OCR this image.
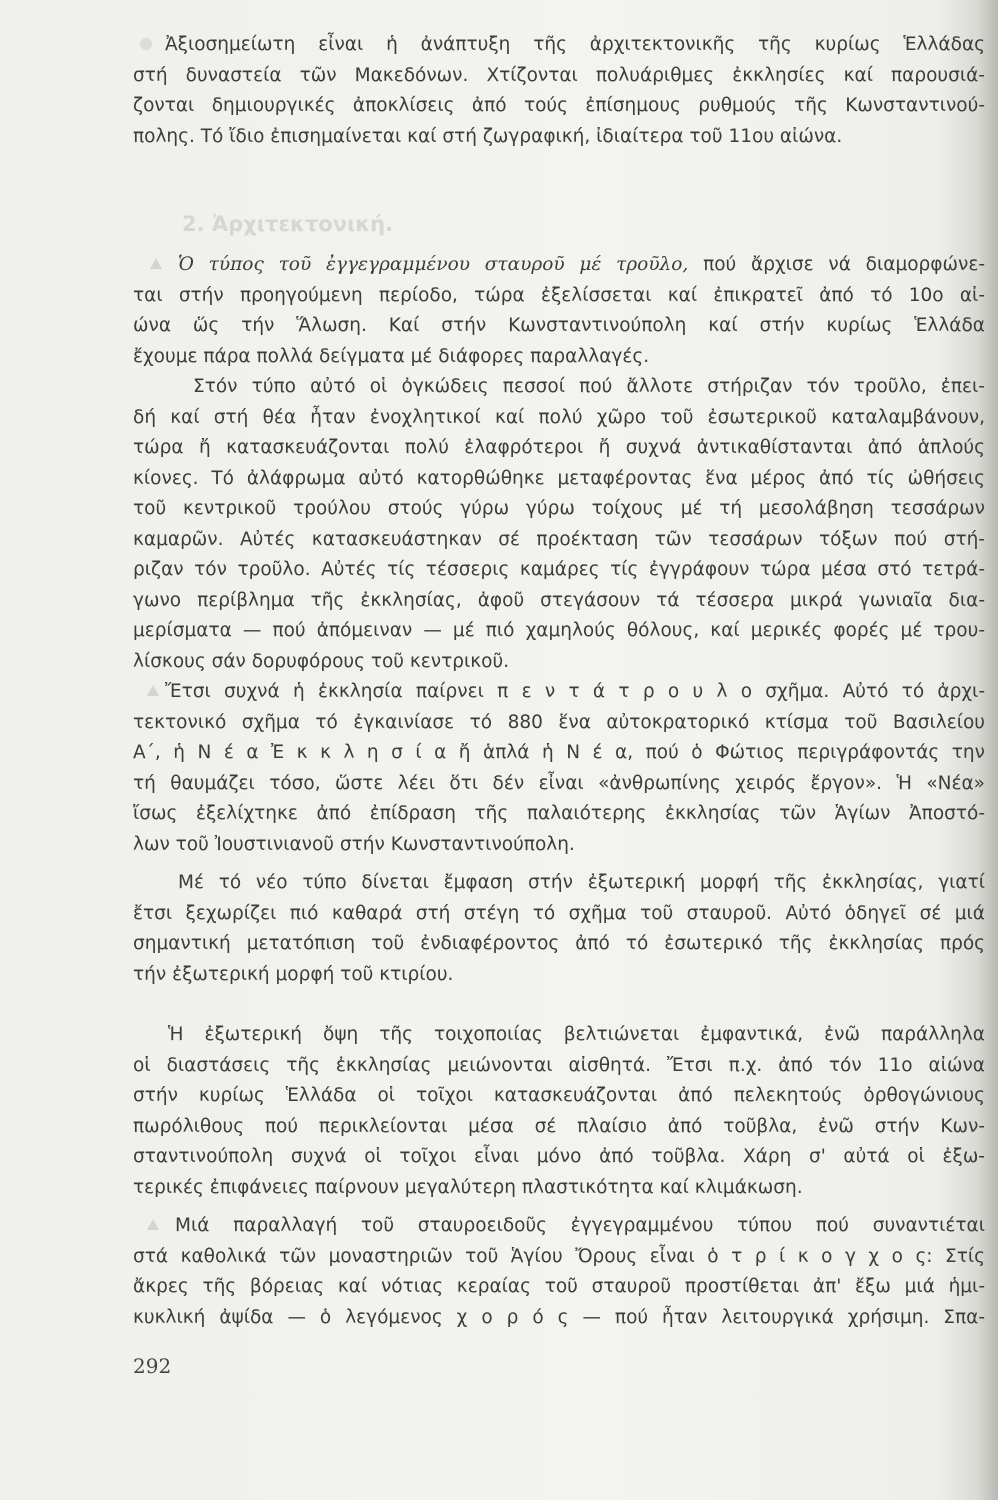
2. Ἀρχιτεκτονική.
Ἀξιοσημείωτη εἶναι ἡ ἀνάπτυξη τῆς ἀρχιτεκτονικῆς τῆς κυρίως Ἑλλάδας
στή δυναστεία τῶν Μακεδόνων. Χτίζονται πολυάριθμες ἐκκλησίες καί παρουσιά-
ζονται δημιουργικές ἀποκλίσεις ἀπό τούς ἐπίσημους ρυθμούς τῆς Κωνσταντινού-
πολης. Τό ἴδιο ἐπισημαίνεται καί στή ζωγραφική, ἰδιαίτερα τοῦ 11ου αἰώνα.
Ὁ τύπος τοῦ ἐγγεγραμμένου σταυροῦ μέ τροῦλο, πού ἄρχισε νά διαμορφώνε-
ται στήν προηγούμενη περίοδο, τώρα ἐξελίσσεται καί ἐπικρατεῖ ἀπό τό 10ο αἰ-
ώνα ὥς τήν Ἅλωση. Καί στήν Κωνσταντινούπολη καί στήν κυρίως Ἑλλάδα
ἔχουμε πάρα πολλά δείγματα μέ διάφορες παραλλαγές.
Στόν τύπο αὐτό οἱ ὀγκώδεις πεσσοί πού ἄλλοτε στήριζαν τόν τροῦλο, ἐπει-
δή καί στή θέα ἦταν ἐνοχλητικοί καί πολύ χῶρο τοῦ ἐσωτερικοῦ καταλαμβάνουν,
τώρα ἤ κατασκευάζονται πολύ ἐλαφρότεροι ἤ συχνά ἀντικαθίστανται ἀπό ἁπλούς
κίονες. Τό ἀλάφρωμα αὐτό κατορθώθηκε μεταφέροντας ἕνα μέρος ἀπό τίς ὠθήσεις
τοῦ κεντρικοῦ τρούλου στούς γύρω γύρω τοίχους μέ τή μεσολάβηση τεσσάρων
καμαρῶν. Αὐτές κατασκευάστηκαν σέ προέκταση τῶν τεσσάρων τόξων πού στή-
ριζαν τόν τροῦλο. Αὐτές τίς τέσσερις καμάρες τίς ἐγγράφουν τώρα μέσα στό τετρά-
γωνο περίβλημα τῆς ἐκκλησίας, ἀφοῦ στεγάσουν τά τέσσερα μικρά γωνιαῖα δια-
μερίσματα — πού ἀπόμειναν — μέ πιό χαμηλούς θόλους, καί μερικές φορές μέ τρου-
λίσκους σάν δορυφόρους τοῦ κεντρικοῦ.
Ἔτσι συχνά ἡ ἐκκλησία παίρνει π ε ν τ ά τ ρ ο υ λ ο σχῆμα. Αὐτό τό ἀρχι-
τεκτονικό σχῆμα τό ἐγκαινίασε τό 880 ἕνα αὐτοκρατορικό κτίσμα τοῦ Βασιλείου
Α΄, ἡ Ν έ α Ἐ κ κ λ η σ ί α ἤ ἁπλά ἡ Ν έ α, πού ὁ Φώτιος περιγράφοντάς την
τή θαυμάζει τόσο, ὥστε λέει ὅτι δέν εἶναι «ἀνθρωπίνης χειρός ἔργον». Ἡ «Νέα»
ἴσως ἐξελίχτηκε ἀπό ἐπίδραση τῆς παλαιότερης ἐκκλησίας τῶν Ἁγίων Ἀποστό-
λων τοῦ Ἰουστινιανοῦ στήν Κωνσταντινούπολη.
Μέ τό νέο τύπο δίνεται ἔμφαση στήν ἐξωτερική μορφή τῆς ἐκκλησίας, γιατί
ἔτσι ξεχωρίζει πιό καθαρά στή στέγη τό σχῆμα τοῦ σταυροῦ. Αὐτό ὁδηγεῖ σέ μιά
σημαντική μετατόπιση τοῦ ἐνδιαφέροντος ἀπό τό ἐσωτερικό τῆς ἐκκλησίας πρός
τήν ἐξωτερική μορφή τοῦ κτιρίου.
Ἡ ἐξωτερική ὄψη τῆς τοιχοποιίας βελτιώνεται ἐμφαντικά, ἐνῶ παράλληλα
οἱ διαστάσεις τῆς ἐκκλησίας μειώνονται αἰσθητά. Ἔτσι π.χ. ἀπό τόν 11ο αἰώνα
στήν κυρίως Ἑλλάδα οἱ τοῖχοι κατασκευάζονται ἀπό πελεκητούς ὀρθογώνιους
πωρόλιθους πού περικλείονται μέσα σέ πλαίσιο ἀπό τοῦβλα, ἐνῶ στήν Κων-
σταντινούπολη συχνά οἱ τοῖχοι εἶναι μόνο ἀπό τοῦβλα. Χάρη σ' αὐτά οἱ ἐξω-
τερικές ἐπιφάνειες παίρνουν μεγαλύτερη πλαστικότητα καί κλιμάκωση.
Μιά παραλλαγή τοῦ σταυροειδοῦς ἐγγεγραμμένου τύπου πού συναντιέται
στά καθολικά τῶν μοναστηριῶν τοῦ Ἁγίου Ὄρους εἶναι ὁ τ ρ ί κ ο γ χ ο ς: Στίς
ἄκρες τῆς βόρειας καί νότιας κεραίας τοῦ σταυροῦ προστίθεται ἀπ' ἔξω μιά ἡμι-
κυκλική ἀψίδα — ὁ λεγόμενος χ ο ρ ό ς — πού ἦταν λειτουργικά χρήσιμη. Σπα-
292
